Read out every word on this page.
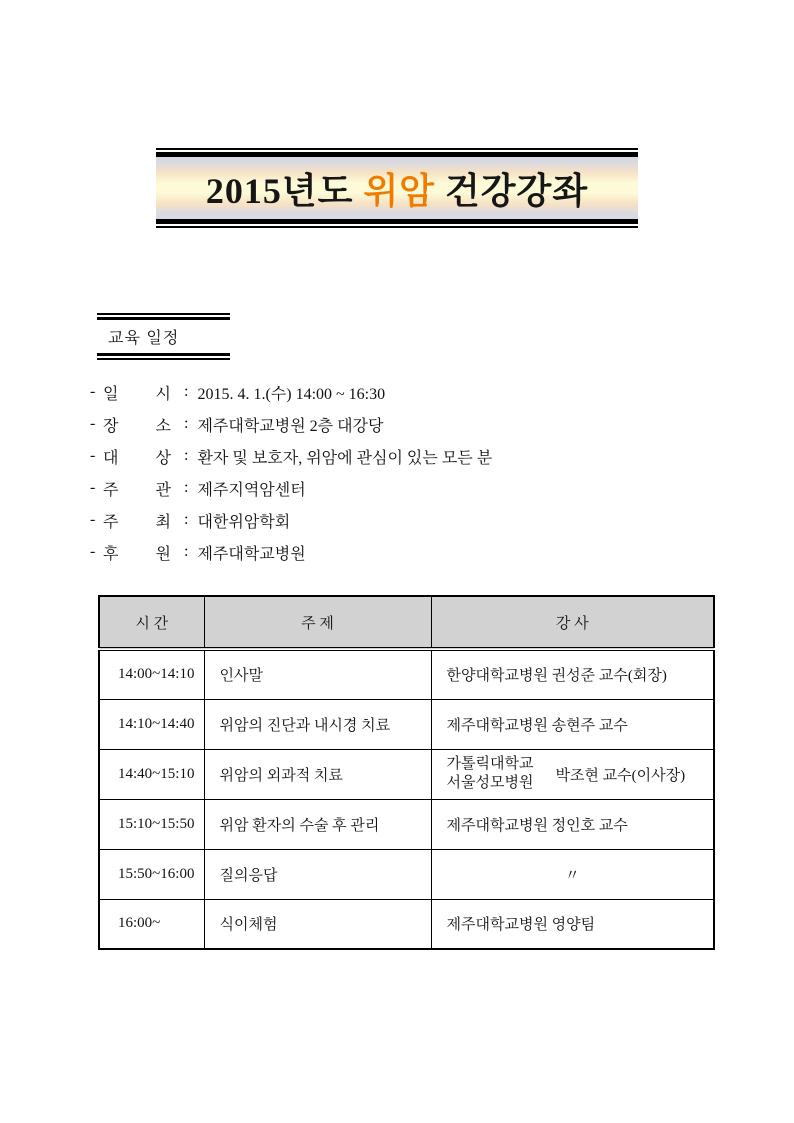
2015년도 위암 건강강좌
교육 일정
- 일 시 : 2015. 4. 1.(수) 14:00 ~ 16:30
- 장 소 : 제주대학교병원 2층 대강당
- 대 상 : 환자 및 보호자, 위암에 관심이 있는 모든 분
- 주 관 : 제주지역암센터
- 주 최 : 대한위암학회
- 후 원 : 제주대학교병원
시 간	주 제	강 사
14:00~14:10	인사말	한양대학교병원 권성준 교수(회장)
14:10~14:40	위암의 진단과 내시경 치료	제주대학교병원 송현주 교수
14:40~15:10	위암의 외과적 치료	가톨릭대학교
서울성모병원 박조현 교수(이사장)

15:10~15:50	위암 환자의 수술 후 관리	제주대학교병원 정인호 교수
15:50~16:00	질의응답	〃
16:00~	식이체험	제주대학교병원 영양팀
